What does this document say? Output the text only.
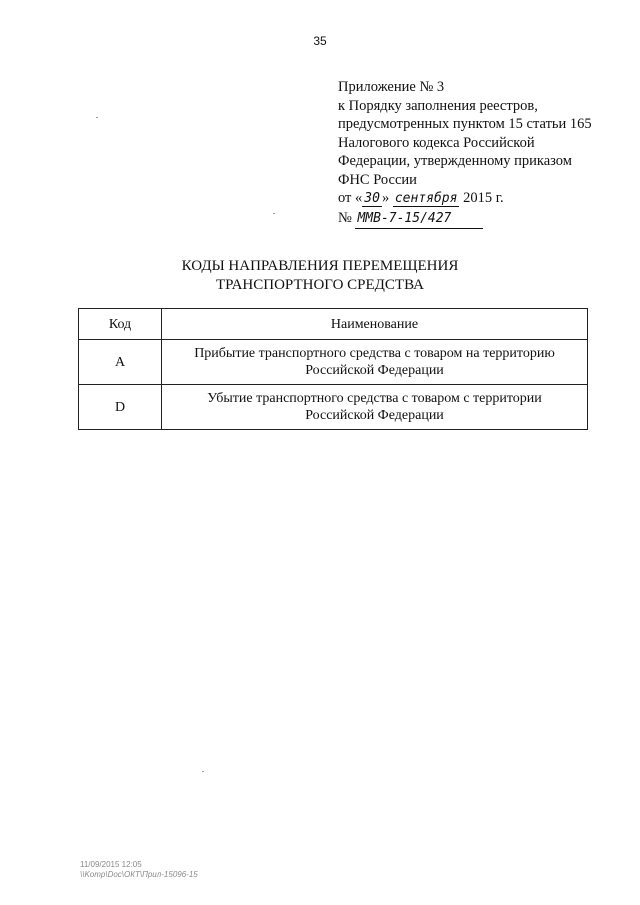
35
Приложение № 3
к Порядку заполнения реестров,
предусмотренных пунктом 15 статьи 165
Налогового кодекса Российской
Федерации, утвержденному приказом
ФНС России
от « 30 » сентября 2015 г.
№ ММВ-7-15/427
КОДЫ НАПРАВЛЕНИЯ ПЕРЕМЕЩЕНИЯ
ТРАНСПОРТНОГО СРЕДСТВА
Код	Наименование
A	Прибытие транспортного средства с товаром на территорию
Российской Федерации

D	Убытие транспортного средства с товаром с территории
Российской Федерации
11/09/2015 12:05
\\Komp\Doc\ОКТ\Прил-15096-15
